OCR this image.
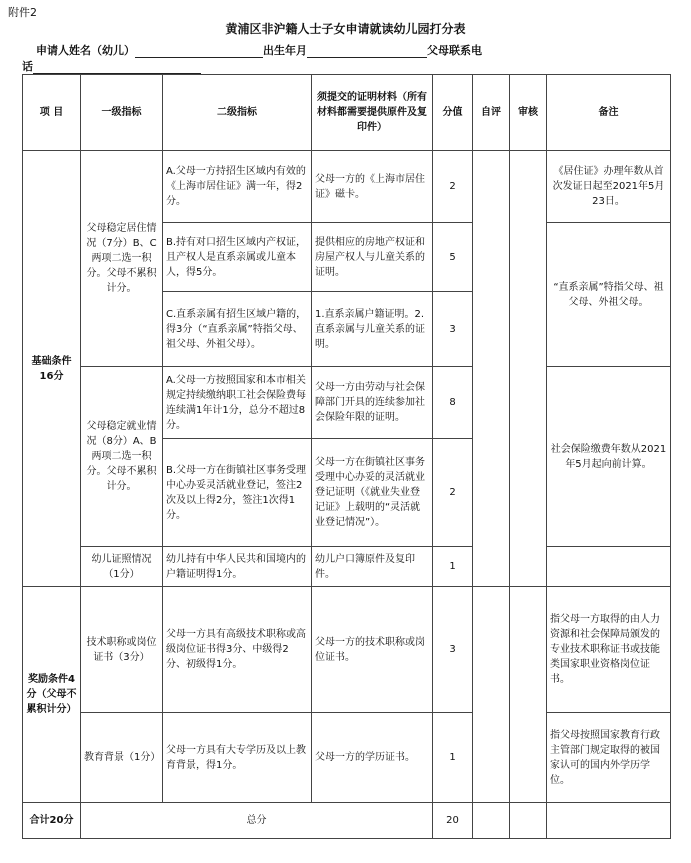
附件2
黄浦区非沪籍人士子女申请就读幼儿园打分表
申请人姓名（幼儿）	出生年月	父母联系电
话
项 目	一级指标	二级指标	须提交的证明材料（所有材料都需要提供原件及复印件）	分值	自评	审核	备注
基础条件16分	父母稳定居住情况（7分）B、C两项二选一积分。父母不累积计分。	A.父母一方持招生区域内有效的《上海市居住证》满一年，得2分。	父母一方的《上海市居住证》磁卡。	2			《居住证》办理年数从首次发证日起至2021年5月23日。
		B.持有对口招生区域内产权证，且产权人是直系亲属或儿童本人，得5分。	提供相应的房地产权证和房屋产权人与儿童关系的证明。	5			“直系亲属”特指父母、祖父母、外祖父母。
		C.直系亲属有招生区域户籍的，得3分（“直系亲属”特指父母、祖父母、外祖父母）。	1.直系亲属户籍证明。2.直系亲属与儿童关系的证明。	3			
	父母稳定就业情况（8分）A、B两项二选一积分。父母不累积计分。	A.父母一方按照国家和本市相关规定持续缴纳职工社会保险费每连续满1年计1分，总分不超过8分。	父母一方由劳动与社会保障部门开具的连续参加社会保险年限的证明。	8			社会保险缴费年数从2021年5月起向前计算。
		B.父母一方在街镇社区事务受理中心办妥灵活就业登记，签注2次及以上得2分，签注1次得1分。	父母一方在街镇社区事务受理中心办妥的灵活就业登记证明（《就业失业登记证》上载明的“灵活就业登记情况”）。	2			
	幼儿证照情况（1分）	幼儿持有中华人民共和国境内的户籍证明得1分。	幼儿户口簿原件及复印件。	1			
奖励条件4分（父母不累积计分）	技术职称或岗位证书（3分）	父母一方具有高级技术职称或高级岗位证书得3分、中级得2分、初级得1分。	父母一方的技术职称或岗位证书。	3			指父母一方取得的由人力资源和社会保障局颁发的专业技术职称证书或技能类国家职业资格岗位证书。
	教育背景（1分）	父母一方具有大专学历及以上教育背景，得1分。	父母一方的学历证书。	1			指父母按照国家教育行政主管部门规定取得的被国家认可的国内外学历学位。
合计20分	总分			20			
